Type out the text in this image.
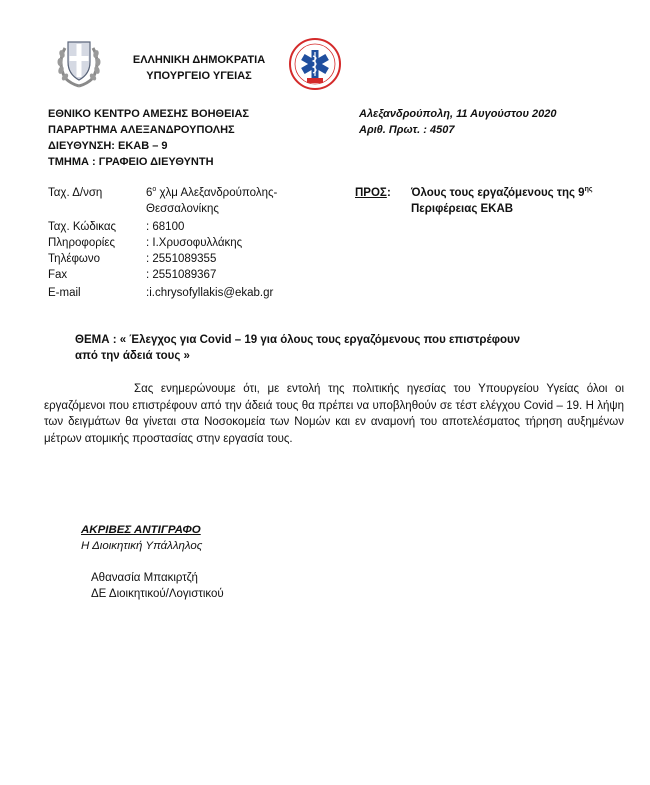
ΕΛΛΗΝΙΚΗ ΔΗΜΟΚΡΑΤΙΑ
ΥΠΟΥΡΓΕΙΟ ΥΓΕΙΑΣ
ΕΘΝΙΚΟ ΚΕΝΤΡΟ ΑΜΕΣΗΣ ΒΟΗΘΕΙΑΣ
ΠΑΡΑΡΤΗΜΑ ΑΛΕΞΑΝΔΡΟΥΠΟΛΗΣ
ΔΙΕΥΘΥΝΣΗ: ΕΚΑΒ – 9
ΤΜΗΜΑ : ΓΡΑΦΕΙΟ ΔΙΕΥΘΥΝΤΗ
Αλεξανδρούπολη, 11 Αυγούστου 2020
Αριθ. Πρωτ. : 4507
Ταχ. Δ/νση	$6^o$ χλμ Αλεξανδρούπολης-
Θεσσαλονίκης
Ταχ. Κώδικας	: 68100
Πληροφορίες	: Ι.Χρυσοφυλλάκης
Τηλέφωνο	: 2551089355
Fax	: 2551089367
E-mail	:i.chrysofyllakis@ekab.gr
ΠΡΟΣ : Όλους τους εργαζόμενους της $9^{\eta\varsigma}$
Περιφέρειας ΕΚΑΒ
ΘΕΜΑ : « Έλεγχος για Covid – 19 για όλους τους εργαζόμενους που επιστρέφουν
από την άδειά τους »

Σας ενημερώνουμε ότι, με εντολή της πολιτικής ηγεσίας του Υπουργείου Υγείας όλοι οι εργαζόμενοι που επιστρέφουν από την άδειά τους θα πρέπει να υποβληθούν σε τέστ ελέγχου Covid – 19. Η λήψη των δειγμάτων θα γίνεται στα Νοσοκομεία των Νομών και εν αναμονή του αποτελέσματος τήρηση αυξημένων μέτρων ατομικής προστασίας στην εργασία τους.

ΑΚΡΙΒΕΣ ΑΝΤΙΓΡΑΦΟ
Η Διοικητική Υπάλληλος
Αθανασία Μπακιρτζή
ΔΕ Διοικητικού/Λογιστικού
